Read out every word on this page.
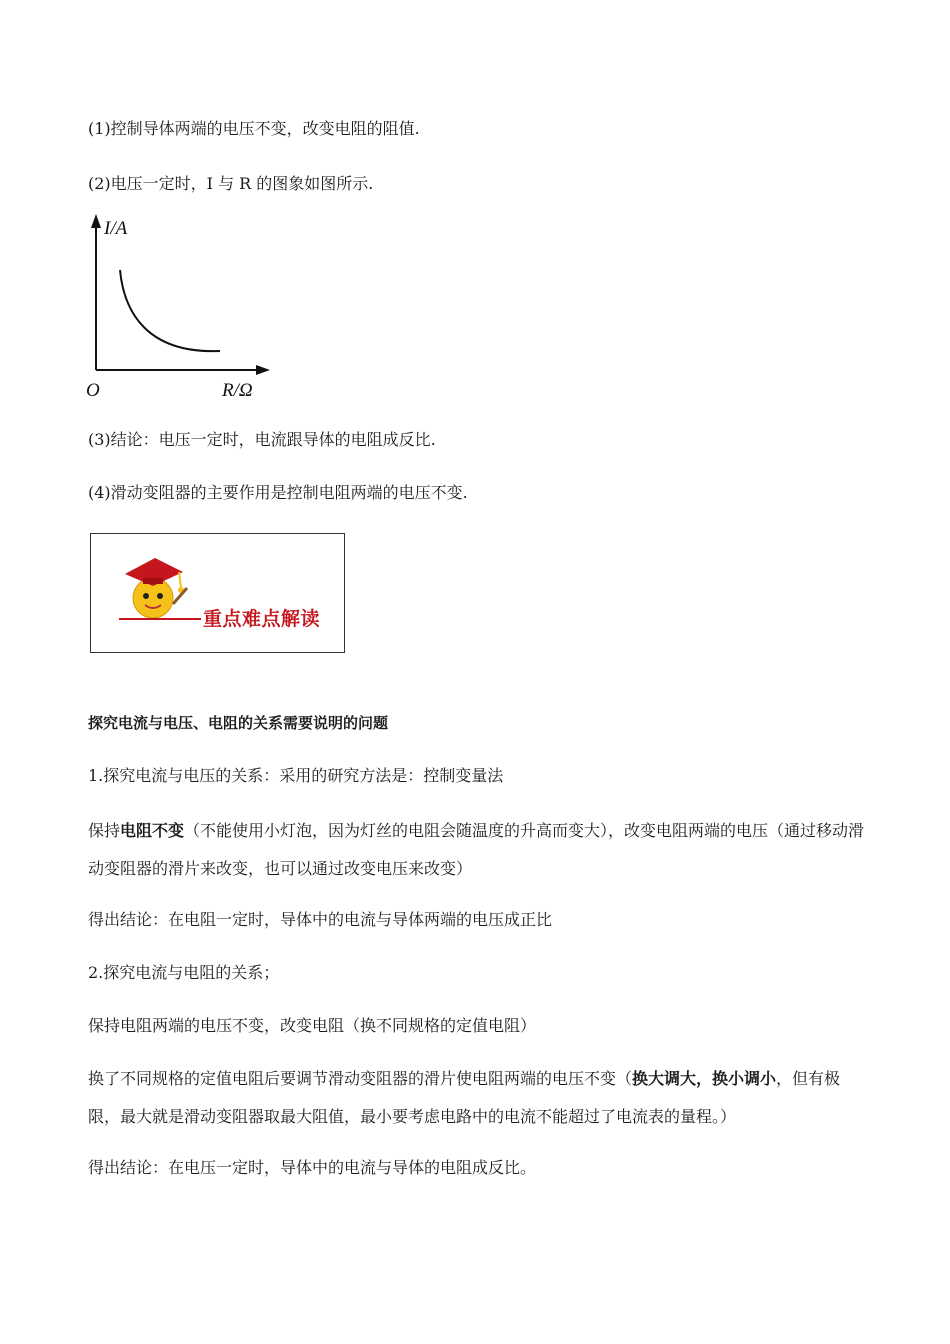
(1)控制导体两端的电压不变，改变电阻的阻值.

(2)电压一定时，I 与 R 的图象如图所示.

I/A
O	R/Ω

(3)结论：电压一定时，电流跟导体的电阻成反比.

(4)滑动变阻器的主要作用是控制电阻两端的电压不变.

重点难点解读

探究电流与电压、电阻的关系需要说明的问题

1.探究电流与电压的关系：采用的研究方法是：控制变量法

保持电阻不变（不能使用小灯泡，因为灯丝的电阻会随温度的升高而变大），改变电阻两端的电压（通过移动滑动变阻器的滑片来改变，也可以通过改变电压来改变）

得出结论：在电阻一定时，导体中的电流与导体两端的电压成正比

2.探究电流与电阻的关系；

保持电阻两端的电压不变，改变电阻（换不同规格的定值电阻）

换了不同规格的定值电阻后要调节滑动变阻器的滑片使电阻两端的电压不变（换大调大，换小调小，但有极限，最大就是滑动变阻器取最大阻值，最小要考虑电路中的电流不能超过了电流表的量程。）

得出结论：在电压一定时，导体中的电流与导体的电阻成反比。
